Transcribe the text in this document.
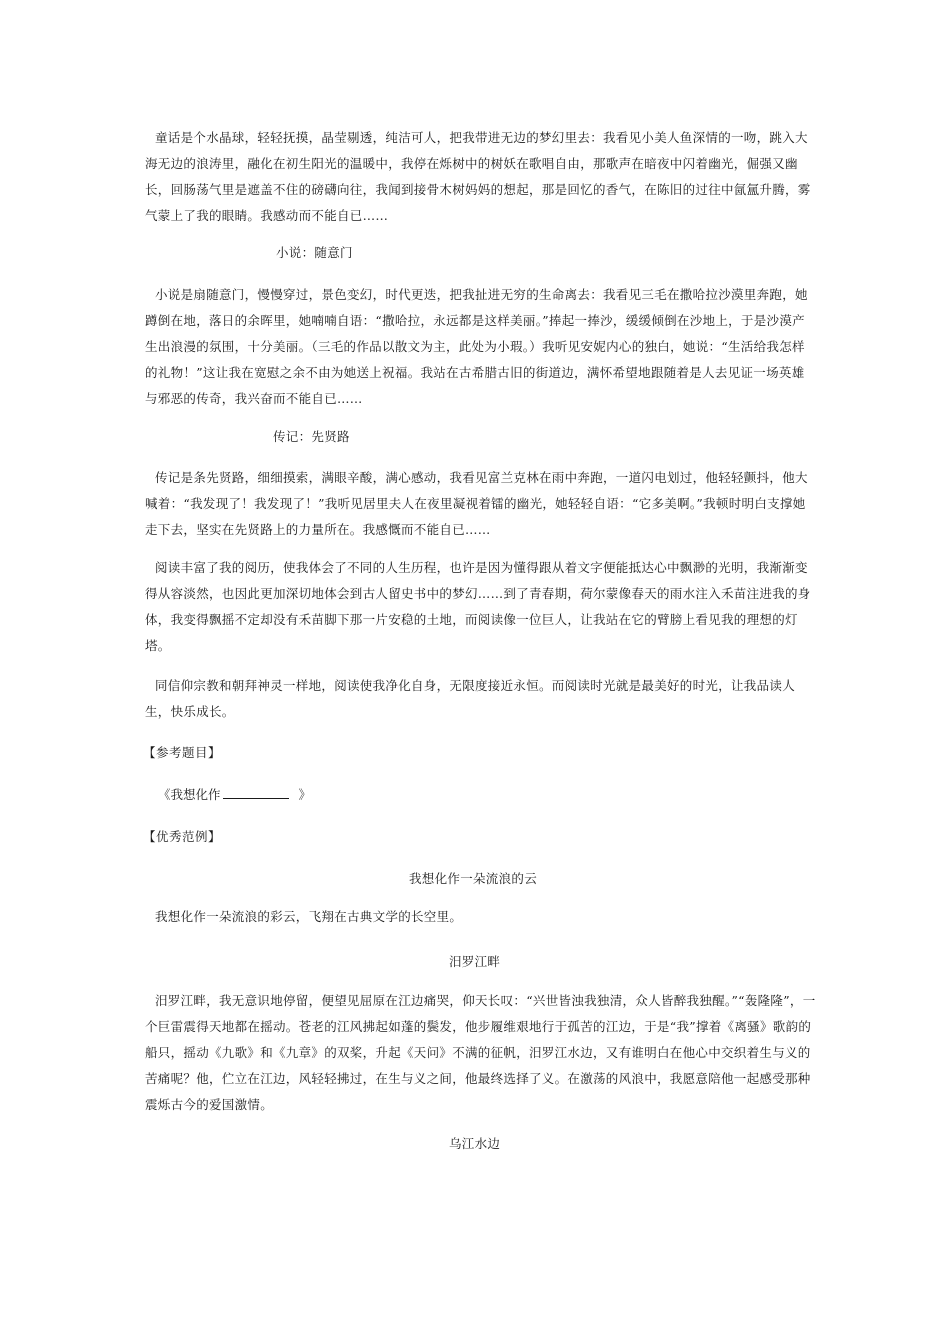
童话是个水晶球，轻轻抚摸，晶莹剔透，纯洁可人，把我带进无边的梦幻里去：我看见小美人鱼深情的一吻，跳入大海无边的浪涛里，融化在初生阳光的温暖中，我停在烁树中的树妖在歌唱自由，那歌声在暗夜中闪着幽光，倔强又幽长，回肠荡气里是遮盖不住的磅礴向往，我闻到接骨木树妈妈的想起，那是回忆的香气，在陈旧的过往中氤氲升腾，雾气蒙上了我的眼睛。我感动而不能自已……
小说：随意门
小说是扇随意门，慢慢穿过，景色变幻，时代更迭，把我扯进无穷的生命离去：我看见三毛在撒哈拉沙漠里奔跑，她蹲倒在地，落日的余晖里，她喃喃自语：“撒哈拉，永远都是这样美丽。”捧起一捧沙，缓缓倾倒在沙地上，于是沙漠产生出浪漫的氛围，十分美丽。（三毛的作品以散文为主，此处为小瑕。）我听见安妮内心的独白，她说：“生活给我怎样的礼物！”这让我在宽慰之余不由为她送上祝福。我站在古希腊古旧的街道边，满怀希望地跟随着是人去见证一场英雄与邪恶的传奇，我兴奋而不能自已……
传记：先贤路
传记是条先贤路，细细摸索，满眼辛酸，满心感动，我看见富兰克林在雨中奔跑，一道闪电划过，他轻轻颤抖，他大喊着：“我发现了！我发现了！”我听见居里夫人在夜里凝视着镭的幽光，她轻轻自语：“它多美啊。”我顿时明白支撑她走下去，坚实在先贤路上的力量所在。我感慨而不能自已……
阅读丰富了我的阅历，使我体会了不同的人生历程，也许是因为懂得跟从着文字便能抵达心中飘渺的光明，我渐渐变得从容淡然，也因此更加深切地体会到古人留史书中的梦幻……到了青春期，荷尔蒙像春天的雨水注入禾苗注进我的身体，我变得飘摇不定却没有禾苗脚下那一片安稳的土地，而阅读像一位巨人，让我站在它的臂膀上看见我的理想的灯塔。
同信仰宗教和朝拜神灵一样地，阅读使我净化自身，无限度接近永恒。而阅读时光就是最美好的时光，让我品读人生，快乐成长。
【参考题目】
《我想化作	》
【优秀范例】
我想化作一朵流浪的云
我想化作一朵流浪的彩云，飞翔在古典文学的长空里。
汨罗江畔
汨罗江畔，我无意识地停留，便望见屈原在江边痛哭，仰天长叹：“兴世皆浊我独清，众人皆醉我独醒。”“轰隆隆”，一个巨雷震得天地都在摇动。苍老的江风拂起如蓬的鬓发，他步履维艰地行于孤苦的江边，于是“我”撑着《离骚》歌韵的船只，摇动《九歌》和《九章》的双桨，升起《天问》不满的征帆，汨罗江水边，又有谁明白在他心中交织着生与义的苦痛呢？他，伫立在江边，风轻轻拂过，在生与义之间，他最终选择了义。在激荡的风浪中，我愿意陪他一起感受那种震烁古今的爱国激情。
乌江水边
